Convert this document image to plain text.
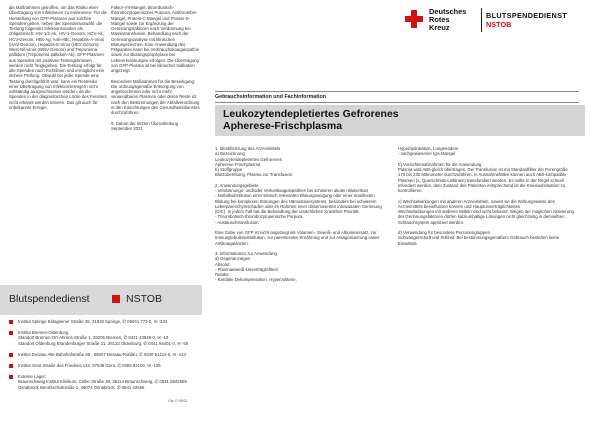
die Maßnahmen getroffen, um das Risiko einer Übertragung von Infektionen zu minimieren. Für die Herstellung von GFP-Plasmen aus solchen Spenden gelten, neben der Spenderauswahl, die Testung folgender Infektionsmarker als obligatorisch: HIV-1/2-Ak, HIV-1-Genom, HCV-Ak, HCV-Genom, HBs-Ag, Anti-HBc, Hepatitis-A-Virus (HAV-Genom), Hepatitis-E-Virus (HEV-Genom), West-Nil-Virus (WNV-Genom) und Treponema pallidum (Treponema pallidum-Ak). GFP-Plasmen aus Spenden mit positiven Testergebnissen werden nicht freigegeben. Die Testung erfolgt für alle Spenden nach Richtlinien und ermöglicht eine sichere Prüfung. Obwohl bei jeder Spende eine Testung durchgeführt wird, kann ein Restrisiko einer Übertragung von Infektionserregern nicht vollständig ausgeschlossen werden, da die Spenden in der diagnostischen Lücke des Fensters nicht erkannt werden können. Das gilt auch für unbekannte Erreger.
Faktor-VII-Mangel, thrombotisch-thrombozytopenischer Purpura, Antithrombin-Mangel, Protein-C-Mangel und Protein-S-Mangel sowie zur Ergänzung der Gerinnungsfaktoren nach Verdünnung bei Massivtransfusion. Behandlung nach der Gerinnungsanalyse mit klinischen Blutungszeichen. Eine Anwendung des Präparates kann bei Verbrauchskoagulopathie sowie zur Blutungsprophylaxe bei Lebererkrankungen erfolgen. Die Übertragung von GFP-Plasma ist bei klinischer Indikation angezeigt.

Besondere Maßnahmen für die Beseitigung: Die ordnungsgemäße Entsorgung von angebrochenen oder nicht mehr verwendbaren Plasmen oder deren Reste ist nach den Bestimmungen der Abfallverordnung in den Einrichtungen des Gesundheitsdienstes durchzuführen.

9. Datum der letzten Überarbeitung
September 2021
Deutsches
Rotes
Kreuz
BLUTSPENDEDIENST
NSTOB
Gebrauchsinformation und Fachinformation
Leukozytendepletiertes Gefrorenes
Apherese-Frischplasma
1. Identifizierung des Arzneimittels
a) Bezeichnung
Leukozytendepletiertes Gefrorenes
Apherese-Frischplasma
b) Stoffgruppe
Blutzubereitung, Plasma zur Transfusion

2. Anwendungsgebiete
- Verdünnungs- und/oder Verlustkoagulopathien bei schweren akuten Blutverlust
- Notfallsubstitution einer klinisch relevanten Blutungsneigung oder einer manifesten Blutung bei komplexen Störungen des Hämostasesystems, besonders bei schwerem Leberparenchymschaden oder im Rahmen einer disseminierten intravasalen Gerinnung (DIC). In jedem Fall hat die Behandlung der ursächlichen Krankheit Priorität.
- Thrombotisch-thrombozytopenische Purpura
- Austauschtransfusion

Eine Gabe von GFP ist nicht angezeigt als Volumen-, Eiweiß- und Albuminersatz, zur Immunglobulinsubstitution, zur parenteralen Ernährung und zur Antagonisierung oraler Antikoagulanzien.

3. Informationen zur Anwendung
a) Gegenanzeigen
Absolut:
- Plasmaeiweiß-Unverträglichkeit
Relativ:
- Kardiale Dekompensation, Hypervolämie,
Hyperhydratation, Lungenödem
- nachgewiesener IgA-Mangel

b) Vorsichtsmaßnahmen für die Anwendung
Plasma wird AB0-gleich übertragen. Die Transfusion ist mit Standardfilter der Porengröße 170 bis 230 Mikrometer durchzuführen. In Ausnahmefällen können auch AB0-kompatible Plasmen (s. Querschnitts-Leitlinien) transfundiert werden. Es sollte in der Regel schnell infundiert werden, dem Zustand des Patienten entsprechend ist die Kreislaufsituation zu kontrollieren.

c) Wechselwirkungen mit anderen Arzneimitteln, soweit sie die Wirkungsweise des Arzneimittels beeinflussen können und Hauptunverträglichkeiten
Wechselwirkungen mit anderen Mitteln sind nicht bekannt. Wegen der möglichen Aktivierung der Gerinnungsfaktoren dürfen kalziumhaltige Lösungen nicht gleichzeitig in demselben Schlauchsystem appliziert werden.

d) Verwendung für besondere Personengruppen
Schwangerschaft und Stillzeit: Bei bestimmungsgemäßem Gebrauch bestehen keine Einwände.
Blutspendedienst	NSTOB
Institut Springe Eldagsener Straße 38, 31832 Springe, ✆ 05041 772-0, ✉ -334
Institut Bremen-Oldenburg
Standort Bremen Ort-Ahrens-Straße 1, 28205 Bremen, ✆ 0421 43949-0, ✉ -10
Standort Oldenburg Brandenburger Straße 21, 26133 Oldenburg, ✆ 0441 94401-0, ✉ -56
Institut Dessau Alte Bahnhofstraße 85 , 06847 Dessau-Roßlau, ✆ 0340 51141-0, ✉ -144
Institut Gera Straße des Friedens 122, 07548 Gera, ✆ 0365 82100, ✉ -105
Externe Lager:
Braunschweig Institut Klinikum, Celler Straße 38, 38114 Braunschweig, ✆ 0531 5942569
Osnabrück Berufsschulstraße 1, 49074 Osnabrück, ✆ 0541 42555
Gfp O 09/21
